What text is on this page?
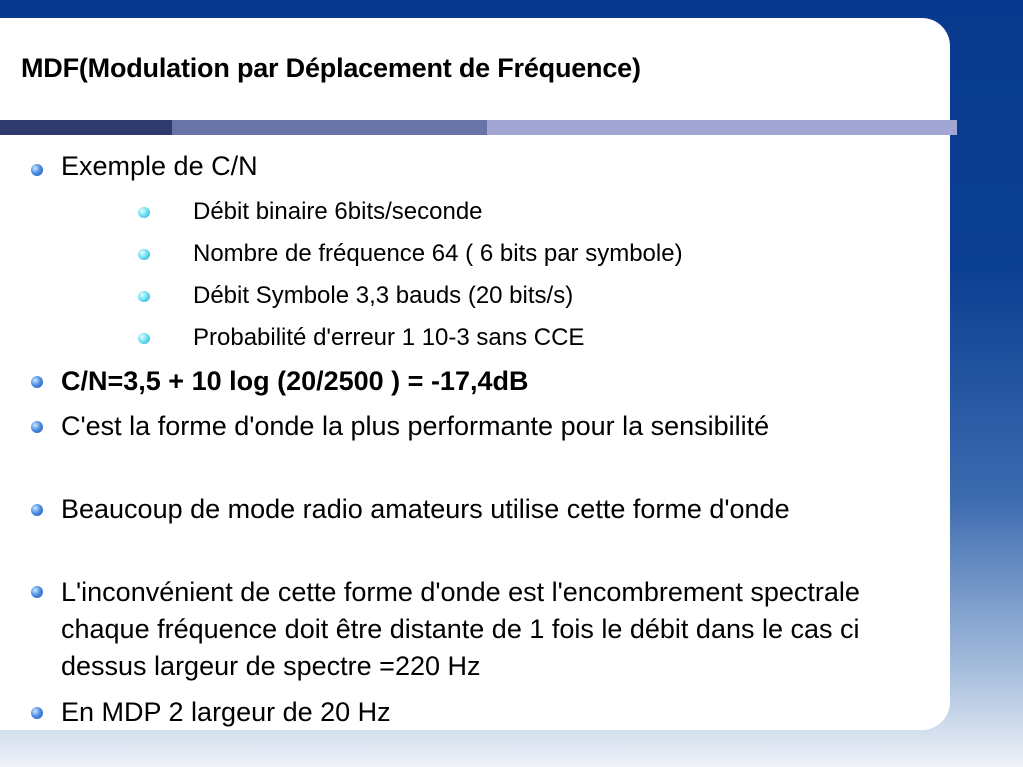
MDF(Modulation par Déplacement de Fréquence)
Exemple de C/N
Débit binaire 6bits/seconde
Nombre de fréquence 64 ( 6 bits par symbole)
Débit Symbole 3,3 bauds (20 bits/s)
Probabilité d'erreur 1 10-3 sans CCE
C/N=3,5 + 10 log (20/2500 ) = -17,4dB
C'est la forme d'onde la plus performante pour la sensibilité
Beaucoup de mode radio amateurs utilise cette forme d'onde
L'inconvénient de cette forme d'onde est l'encombrement spectrale chaque fréquence doit être distante de 1 fois le débit dans le cas ci dessus largeur de spectre =220 Hz
En MDP 2 largeur de 20 Hz
